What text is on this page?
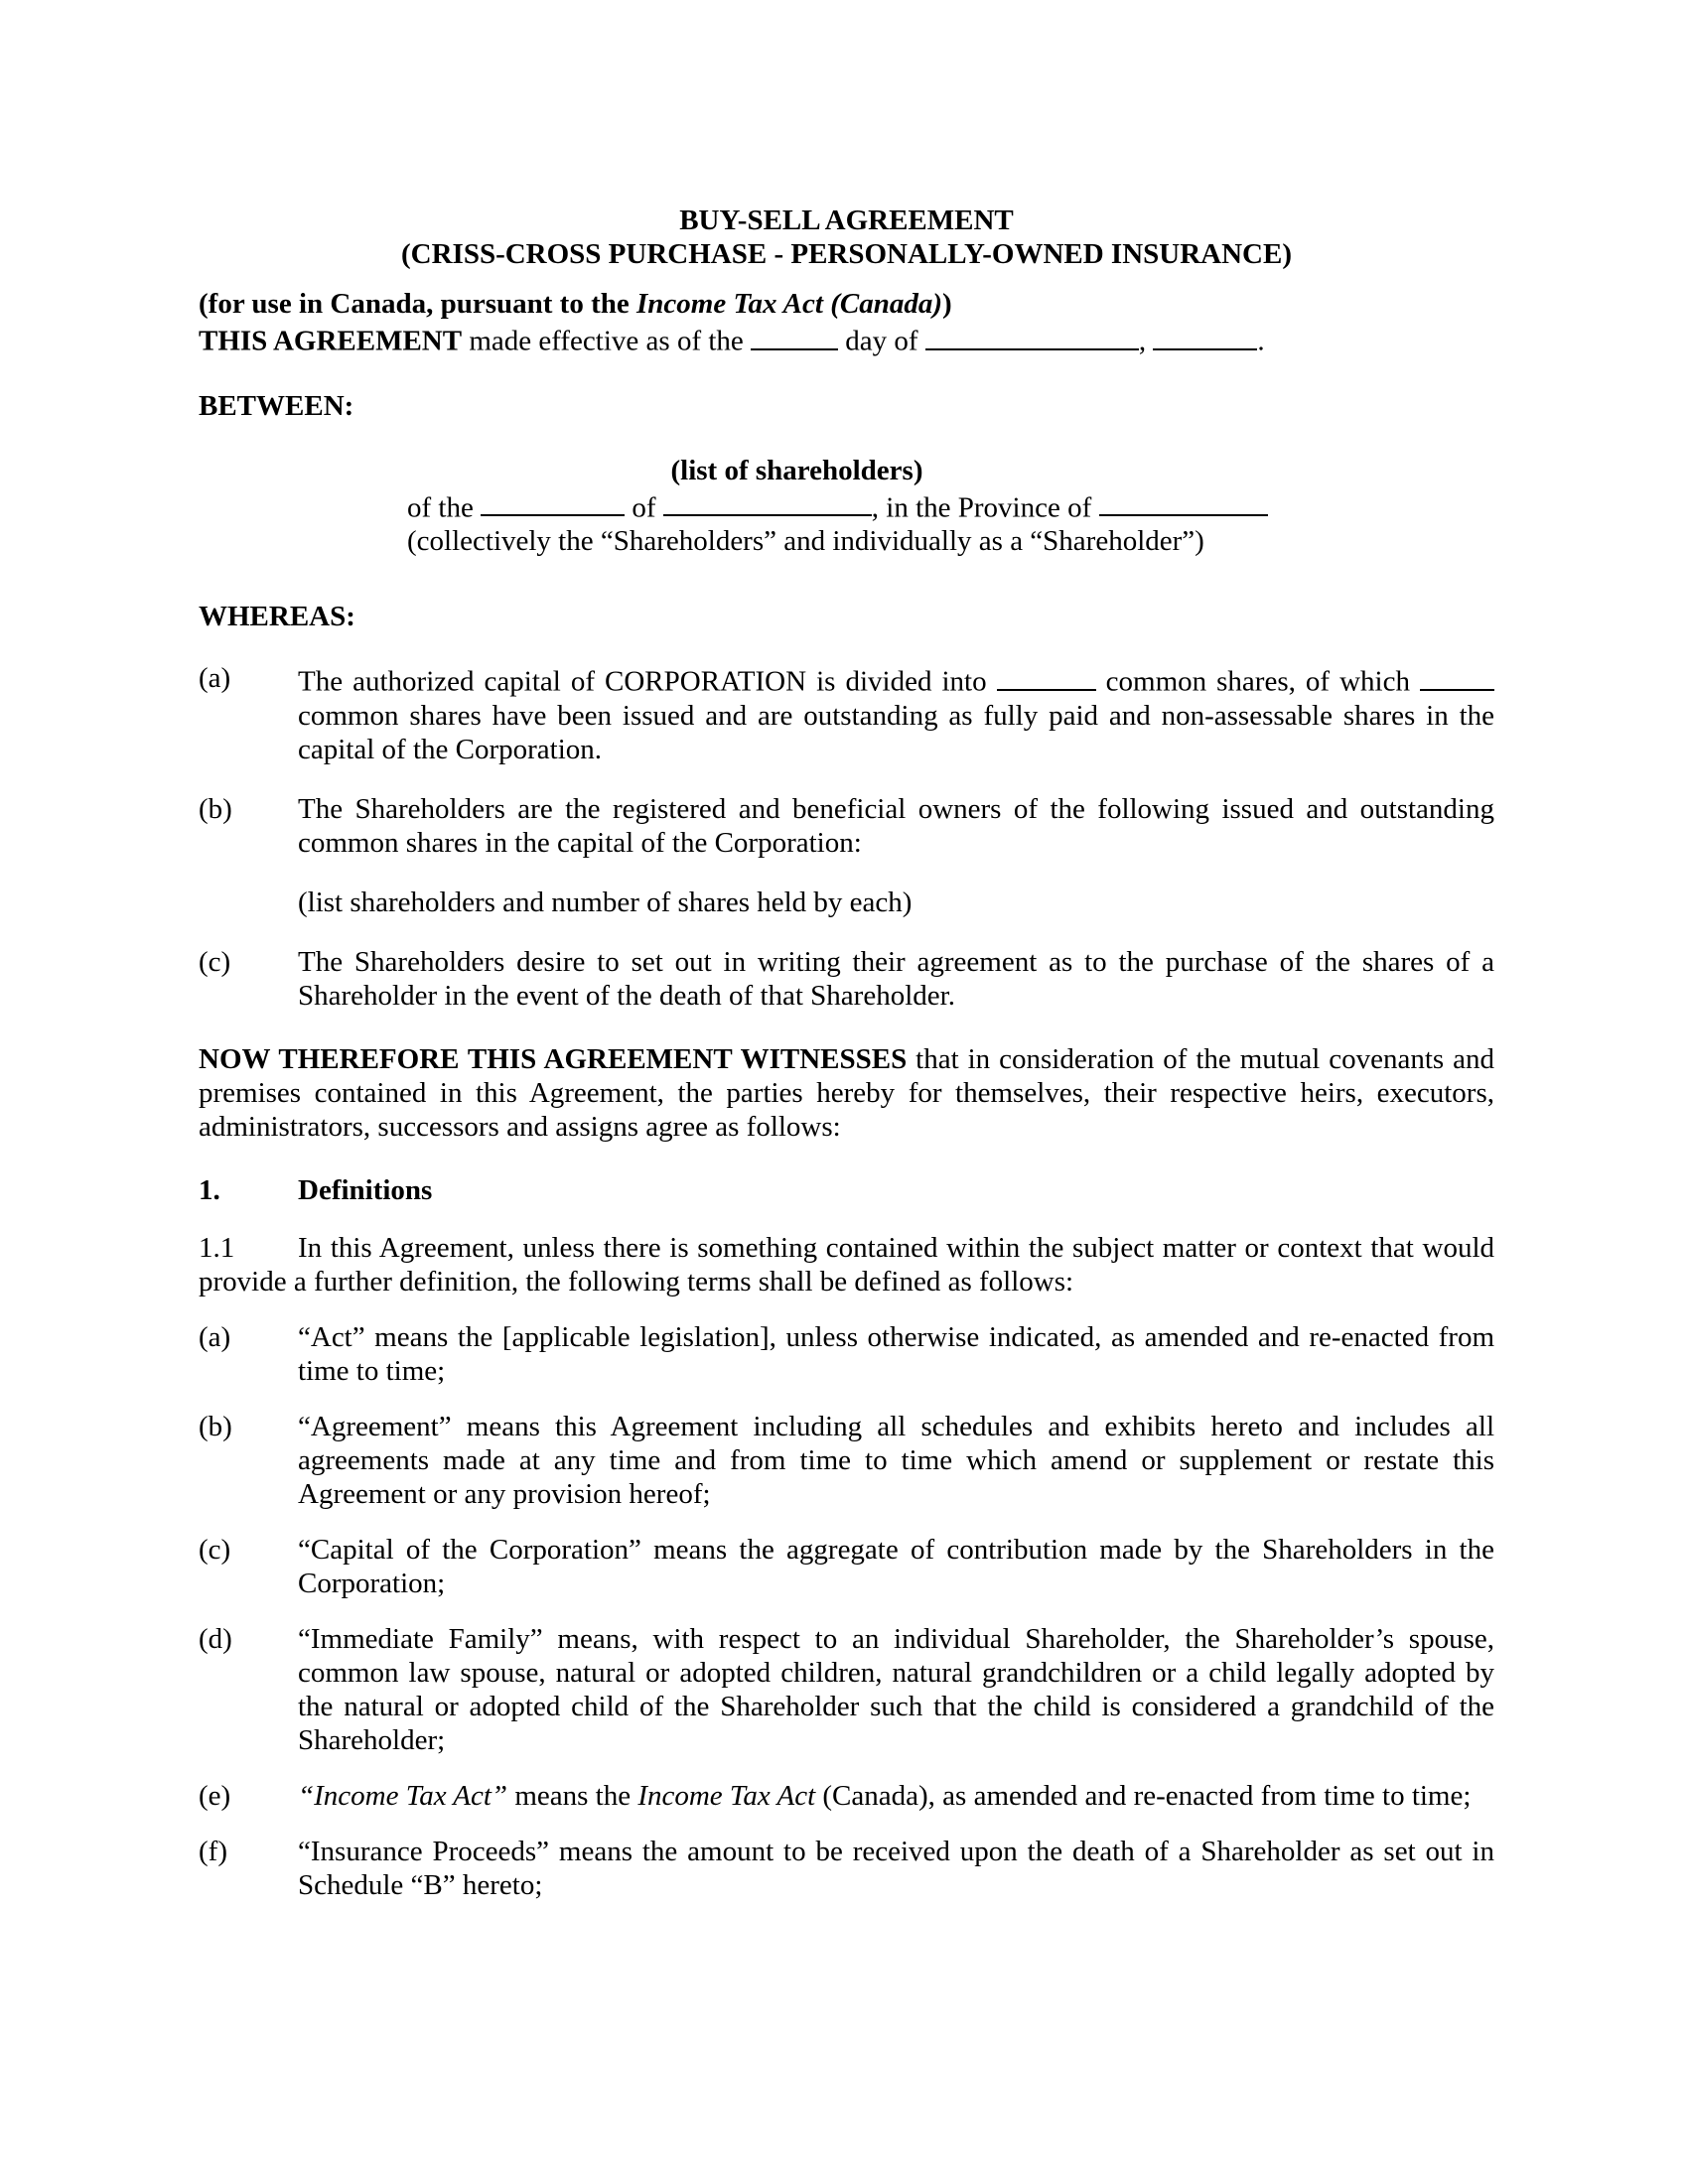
BUY-SELL AGREEMENT
(CRISS-CROSS PURCHASE - PERSONALLY-OWNED INSURANCE)
(for use in Canada, pursuant to the Income Tax Act (Canada))
THIS AGREEMENT made effective as of the	day of	,	.
BETWEEN:
(list of shareholders)
of the	of	, in the Province of
(collectively the “Shareholders” and individually as a “Shareholder”)
WHEREAS:
(a)	The authorized capital of CORPORATION is divided into	common shares, of which  common shares have been issued and are outstanding as fully paid and non-assessable shares in the capital of the Corporation.
(b)	The Shareholders are the registered and beneficial owners of the following issued and outstanding common shares in the capital of the Corporation:
(list shareholders and number of shares held by each)
(c)	The Shareholders desire to set out in writing their agreement as to the purchase of the shares of a Shareholder in the event of the death of that Shareholder.
NOW THEREFORE THIS AGREEMENT WITNESSES that in consideration of the mutual covenants and premises contained in this Agreement, the parties hereby for themselves, their respective heirs, executors, administrators, successors and assigns agree as follows:
1.	Definitions
1.1 In this Agreement, unless there is something contained within the subject matter or context that would provide a further definition, the following terms shall be defined as follows:
(a)	“Act” means the [applicable legislation], unless otherwise indicated, as amended and re-enacted from time to time;
(b)	“Agreement” means this Agreement including all schedules and exhibits hereto and includes all agreements made at any time and from time to time which amend or supplement or restate this Agreement or any provision hereof;
(c)	“Capital of the Corporation” means the aggregate of contribution made by the Shareholders in the Corporation;
(d)	“Immediate Family” means, with respect to an individual Shareholder, the Shareholder’s spouse, common law spouse, natural or adopted children, natural grandchildren or a child legally adopted by the natural or adopted child of the Shareholder such that the child is considered a grandchild of the Shareholder;
(e)	“Income Tax Act” means the Income Tax Act (Canada), as amended and re-enacted from time to time;
(f)	“Insurance Proceeds” means the amount to be received upon the death of a Shareholder as set out in Schedule “B” hereto;
